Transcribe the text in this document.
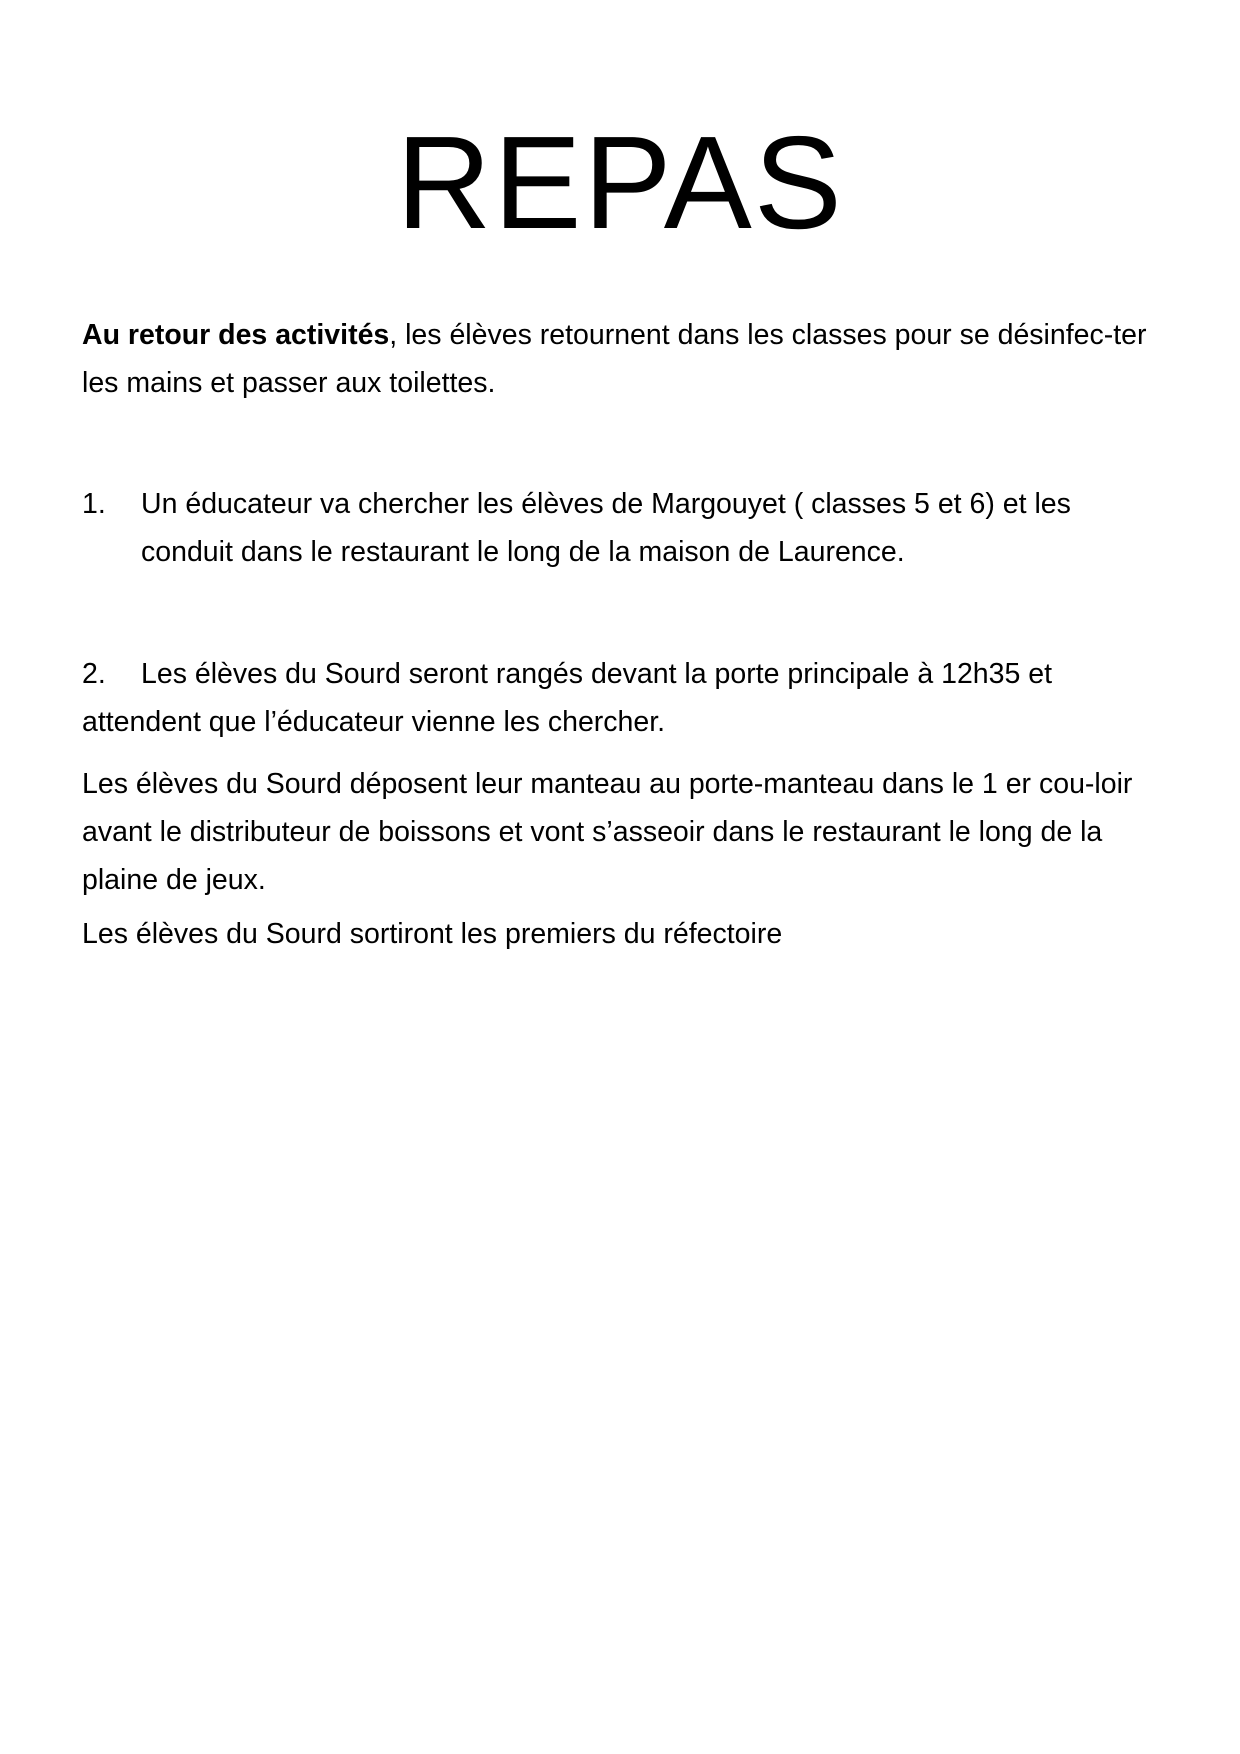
REPAS

Au retour des activités, les élèves retournent dans les classes pour se désinfec-ter les mains et passer aux toilettes.

1.	Un éducateur va chercher les élèves de Margouyet ( classes 5 et 6) et les conduit dans le restaurant le long de la maison de Laurence.
2. Les élèves du Sourd seront rangés devant la porte principale à 12h35 et attendent que l’éducateur vienne les chercher.

Les élèves du Sourd déposent leur manteau au porte-manteau dans le 1 er cou-loir avant le distributeur de boissons et vont s’asseoir dans le restaurant le long de la plaine de jeux.

Les élèves du Sourd sortiront les premiers du réfectoire
